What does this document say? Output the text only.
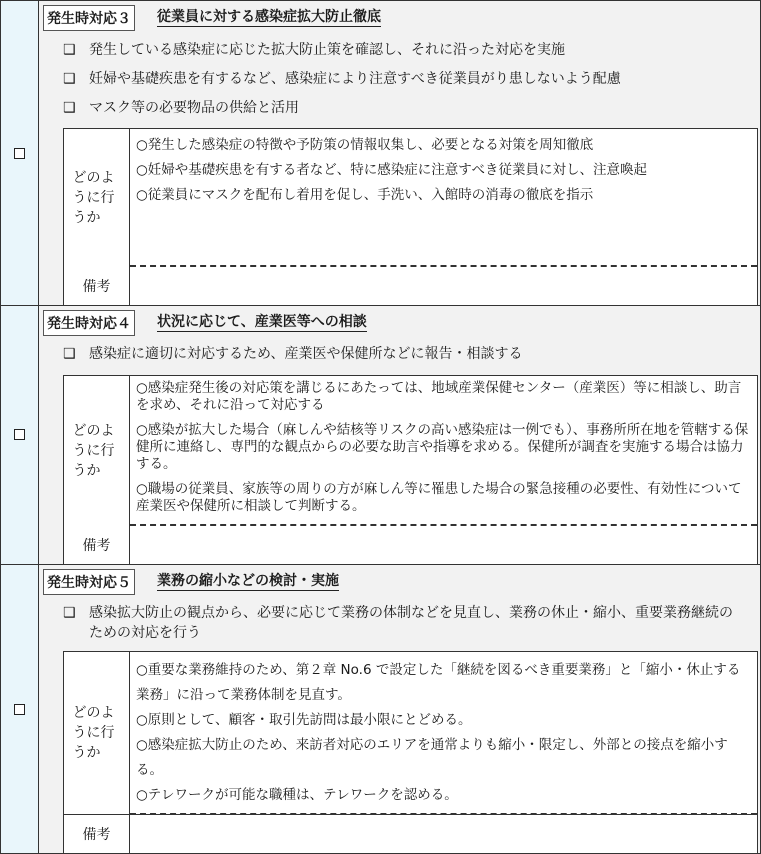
発生時対応３ 従業員に対する感染症拡大防止徹底
❑ 発生している感染症に応じた拡大防止策を確認し、それに沿った対応を実施
❑ 妊婦や基礎疾患を有するなど、感染症により注意すべき従業員がり患しないよう配慮
❑ マスク等の必要物品の供給と活用
どのように行うか
○発生した感染症の特徴や予防策の情報収集し、必要となる対策を周知徹底
○妊婦や基礎疾患を有する者など、特に感染症に注意すべき従業員に対し、注意喚起
○従業員にマスクを配布し着用を促し、手洗い、入館時の消毒の徹底を指示
備考
発生時対応４ 状況に応じて、産業医等への相談
❑ 感染症に適切に対応するため、産業医や保健所などに報告・相談する
どのように行うか
○感染症発生後の対応策を講じるにあたっては、地域産業保健センター（産業医）等に相談し、助言を求め、それに沿って対応する
○感染が拡大した場合（麻しんや結核等リスクの高い感染症は一例でも）、事務所所在地を管轄する保健所に連絡し、専門的な観点からの必要な助言や指導を求める。保健所が調査を実施する場合は協力する。
○職場の従業員、家族等の周りの方が麻しん等に罹患した場合の緊急接種の必要性、有効性について産業医や保健所に相談して判断する。
備考
発生時対応５ 業務の縮小などの検討・実施
❑ 感染拡大防止の観点から、必要に応じて業務の体制などを見直し、業務の休止・縮小、重要業務継続のための対応を行う
どのように行うか
○重要な業務維持のため、第２章 No.6 で設定した「継続を図るべき重要業務」と「縮小・休止する業務」に沿って業務体制を見直す。
○原則として、顧客・取引先訪問は最小限にとどめる。
○感染症拡大防止のため、来訪者対応のエリアを通常よりも縮小・限定し、外部との接点を縮小する。
○テレワークが可能な職種は、テレワークを認める。
備考
